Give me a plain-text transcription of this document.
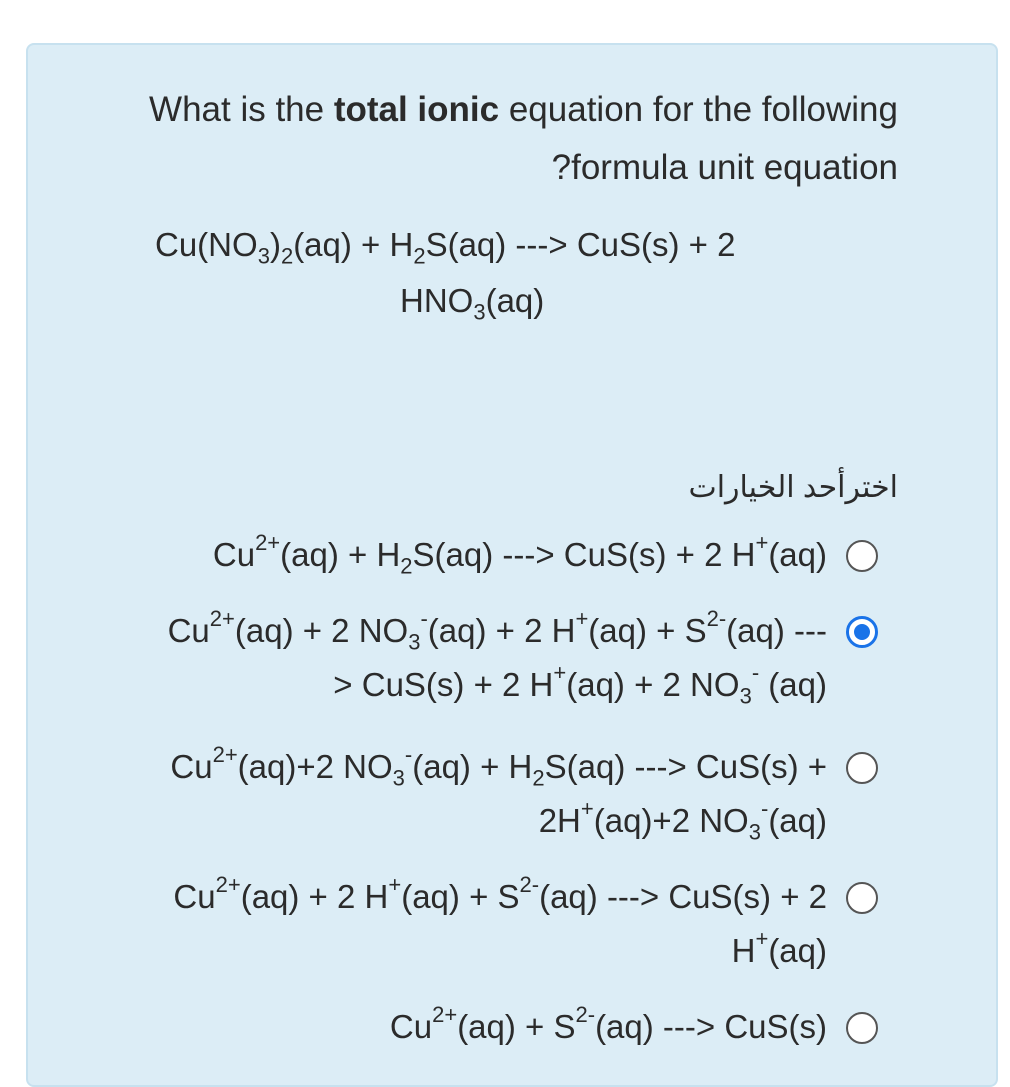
What is the total ionic equation for the following
?formula unit equation
$Cu(NO_3)_2(aq) + H_2S(aq)$ ---> CuS(s) + 2
$HNO_3(aq)$
اخترأحد الخيارات
$Cu^{2+}(aq) + H_2S(aq)$ ---> CuS(s) + 2 H+(aq)
$Cu^{2+}(aq) + 2$ $NO_3^-(aq) + 2$ $H^+(aq) + S^{2-}(aq)$ ---
> CuS(s) + 2 H+(aq) + 2 $NO_3^-$ (aq)
$Cu^{2+}(aq)+2$ $NO_3^-(aq) + H_2S(aq)$ ---> CuS(s) +
2H+(aq)+2 $NO_3^-(aq)$
$Cu^{2+}(aq) + 2$ $H^+(aq) + S^{2-}(aq)$ ---> CuS(s) + 2
H+(aq)
$Cu^{2+}(aq) + S^{2-}(aq)$ ---> CuS(s)
